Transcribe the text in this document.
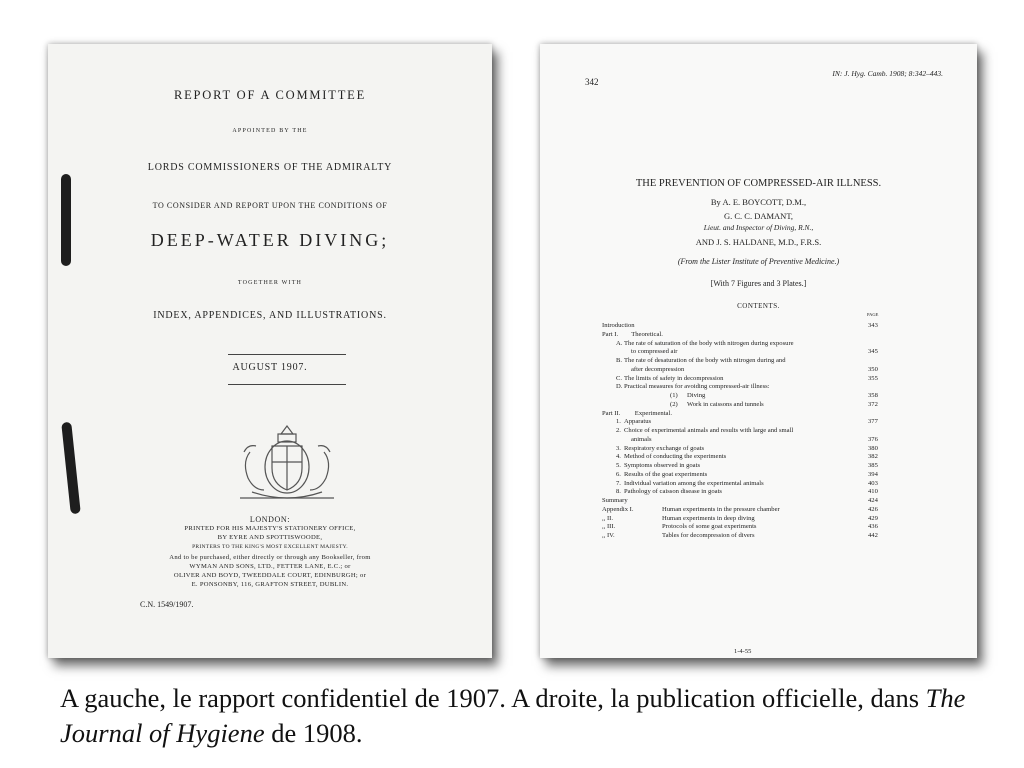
REPORT OF A COMMITTEE
APPOINTED BY THE
LORDS COMMISSIONERS OF THE ADMIRALTY
TO CONSIDER AND REPORT UPON THE CONDITIONS OF
DEEP-WATER DIVING;
TOGETHER WITH
INDEX, APPENDICES, AND ILLUSTRATIONS.
AUGUST 1907.
LONDON:
PRINTED FOR HIS MAJESTY'S STATIONERY OFFICE,
BY EYRE AND SPOTTISWOODE,
PRINTERS TO THE KING'S MOST EXCELLENT MAJESTY.
And to be purchased, either directly or through any Bookseller, from
WYMAN AND SONS, LTD., FETTER LANE, E.C.; or
OLIVER AND BOYD, TWEEDDALE COURT, EDINBURGH; or
E. PONSONBY, 116, GRAFTON STREET, DUBLIN.
C.N. 1549/1907.
342
IN: J. Hyg. Camb. 1908; 8:342–443.
THE PREVENTION OF COMPRESSED-AIR ILLNESS.
By A. E. BOYCOTT, D.M.,
G. C. C. DAMANT,
Lieut. and Inspector of Diving, R.N.,
AND J. S. HALDANE, M.D., F.R.S.
(From the Lister Institute of Preventive Medicine.)
[With 7 Figures and 3 Plates.]
CONTENTS.
PAGE
Introduction	343
Part I. Theoretical.
A. The rate of saturation of the body with nitrogen during exposure
to compressed air	345
B. The rate of desaturation of the body with nitrogen during and
after decompression	350
C. The limits of safety in decompression	355
D. Practical measures for avoiding compressed-air illness:
(1) Diving	358
(2) Work in caissons and tunnels	372
Part II. Experimental.
1. Apparatus	377
2. Choice of experimental animals and results with large and small
animals	376
3. Respiratory exchange of goats	380
4. Method of conducting the experiments	382
5. Symptoms observed in goats	385
6. Results of the goat experiments	394
7. Individual variation among the experimental animals	403
8. Pathology of caisson disease in goats	410
Summary	424
Appendix I.	Human experiments in the pressure chamber	426
,, II.	Human experiments in deep diving	429
,, III.	Protocols of some goat experiments	436
,, IV.	Tables for decompression of divers	442
1-4-55
A gauche, le rapport confidentiel de 1907. A droite, la publication officielle, dans The Journal of Hygiene de 1908.
